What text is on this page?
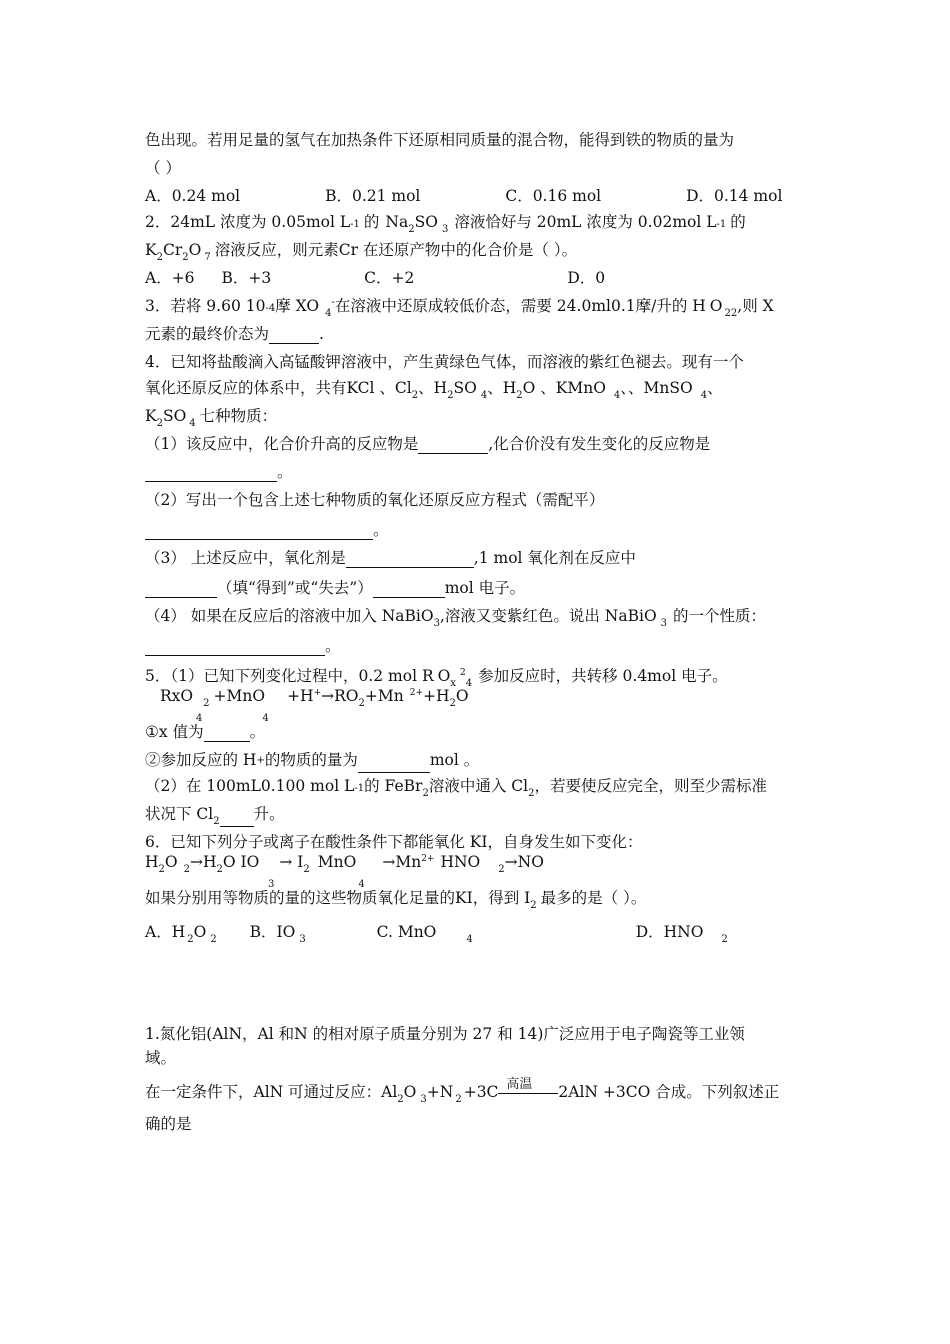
色出现。若用足量的氢气在加热条件下还原相同质量的混合物，能得到铁的物质的量为
（ ）
A．0.24 mol	B．0.21 mol	C．0.16 mol	D．0.14 mol
2．24mL 浓度为 0.05mol L-1 的 $Na_2SO$ $_3$ 溶液恰好与 20mL 浓度为 0.02mol L-1 的
$K_2Cr_2O$ $_7$ 溶液反应，则元素Cr 在还原产物中的化合价是（ ）。
A．+6 B．+3	C．+2	D．0
3．若将 9.60 10-4摩 XO $_4$-在溶液中还原成较低价态，需要 24.0ml0.1摩/升的 H O $_{22}$,则 X
元素的最终价态为	.
4．已知将盐酸滴入高锰酸钾溶液中，产生黄绿色气体，而溶液的紫红色褪去。现有一个
氧化还原反应的体系中，共有KCl 、$Cl_2$、$H_2SO$ $_4$、$H_2O$ 、KMnO $_4$、、MnSO $_4$、
$K_2SO$ $_4$ 七种物质：
（1）该反应中，化合价升高的反应物是	,化合价没有发生变化的反应物是
。
（2）写出一个包含上述七种物质的氧化还原反应方程式（需配平）
。
（3） 上述反应中，氧化剂是	,1 mol 氧化剂在反应中
（填“得到”或“失去”）	mol 电子。
（4） 如果在反应后的溶液中加入 NaBiO$_3$,溶液又变紫红色。说出 NaBiO $_3$ 的一个性质：
。
5．（1）已知下列变化过程中，0.2 mol R $O_x^2_4$ 参加反应时，共转移 0.4mol 电子。
RxO $_2 +MnO +H^+\to RO_2+Mn$ $^{2+}+H_2O$
4	4
①x 值为	。
②参加反应的 H+的物质的量为	mol 。
（2）在 100mL0.100 mol L-1的 FeBr$_2$溶液中通入 $Cl_2$，若要使反应完全，则至少需标准
状况下 $Cl_2$ 升。
6．已知下列分子或离子在酸性条件下都能氧化 KI，自身发生如下变化：
$H_2O$ $_2\to H_2O$ IO → $I_2$ MnO $\to Mn^{2+}$ HNO $_2$→NO
3	4
如果分别用等物质的量的这些物质氧化足量的KI，得到 $I_2$ 最多的是（ ）。
A．H $_2$O $_2$ B．IO $_3$	C. MnO	$_4$	D．HNO $_2$
1.氮化铝(AlN，Al 和N 的相对原子质量分别为 27 和 14)广泛应用于电子陶瓷等工业领
域。
在一定条件下，AlN 可通过反应：$Al_2O$ $_3$+N $_2$ +3C 高温 2AlN +3CO 合成。下列叙述正
确的是
